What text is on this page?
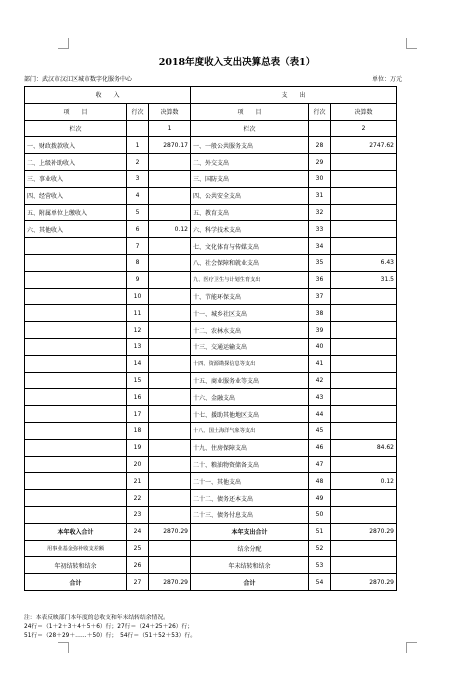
2018年度收入支出决算总表（表1）
部门：武汉市汉江区城市数字化服务中心	单位：万元
收　　入			支　　出		
项　　目	行次	决算数	项　　目	行次	决算数
栏次		1	栏次		2
一、财政拨款收入	1	2870.17	一、一般公共服务支出	28	2747.62
二、上级补助收入	2		二、外交支出	29	
三、事业收入	3		三、国防支出	30	
四、经营收入	4		四、公共安全支出	31	
五、附属单位上缴收入	5		五、教育支出	32	
六、其他收入	6	0.12	六、科学技术支出	33	
	7		七、文化体育与传媒支出	34	
	8		八、社会保障和就业支出	35	6.43
	9		九、医疗卫生与计划生育支出	36	31.5
	10		十、节能环保支出	37	
	11		十一、城乡社区支出	38	
	12		十二、农林水支出	39	
	13		十三、交通运输支出	40	
	14		十四、资源勘探信息等支出	41	
	15		十五、商业服务业等支出	42	
	16		十六、金融支出	43	
	17		十七、援助其他地区支出	44	
	18		十八、国土海洋气象等支出	45	
	19		十九、住房保障支出	46	84.62
	20		二十、粮油物资储备支出	47	
	21		二十一、其他支出	48	0.12
	22		二十二、债务还本支出	49	
	23		二十三、债务付息支出	50	
本年收入合计	24	2870.29	本年支出合计	51	2870.29
用事业基金弥补收支差额	25		结余分配	52	
年初结转和结余	26		年末结转和结余	53	
合计	27	2870.29	合计	54	2870.29
注：本表反映部门本年度的总收支和年末结转结余情况。
24行＝（1＋2＋3＋4＋5＋6）行；27行＝（24＋25＋26）行；
51行＝（28＋29＋……＋50）行；　54行＝（51＋52＋53）行。
